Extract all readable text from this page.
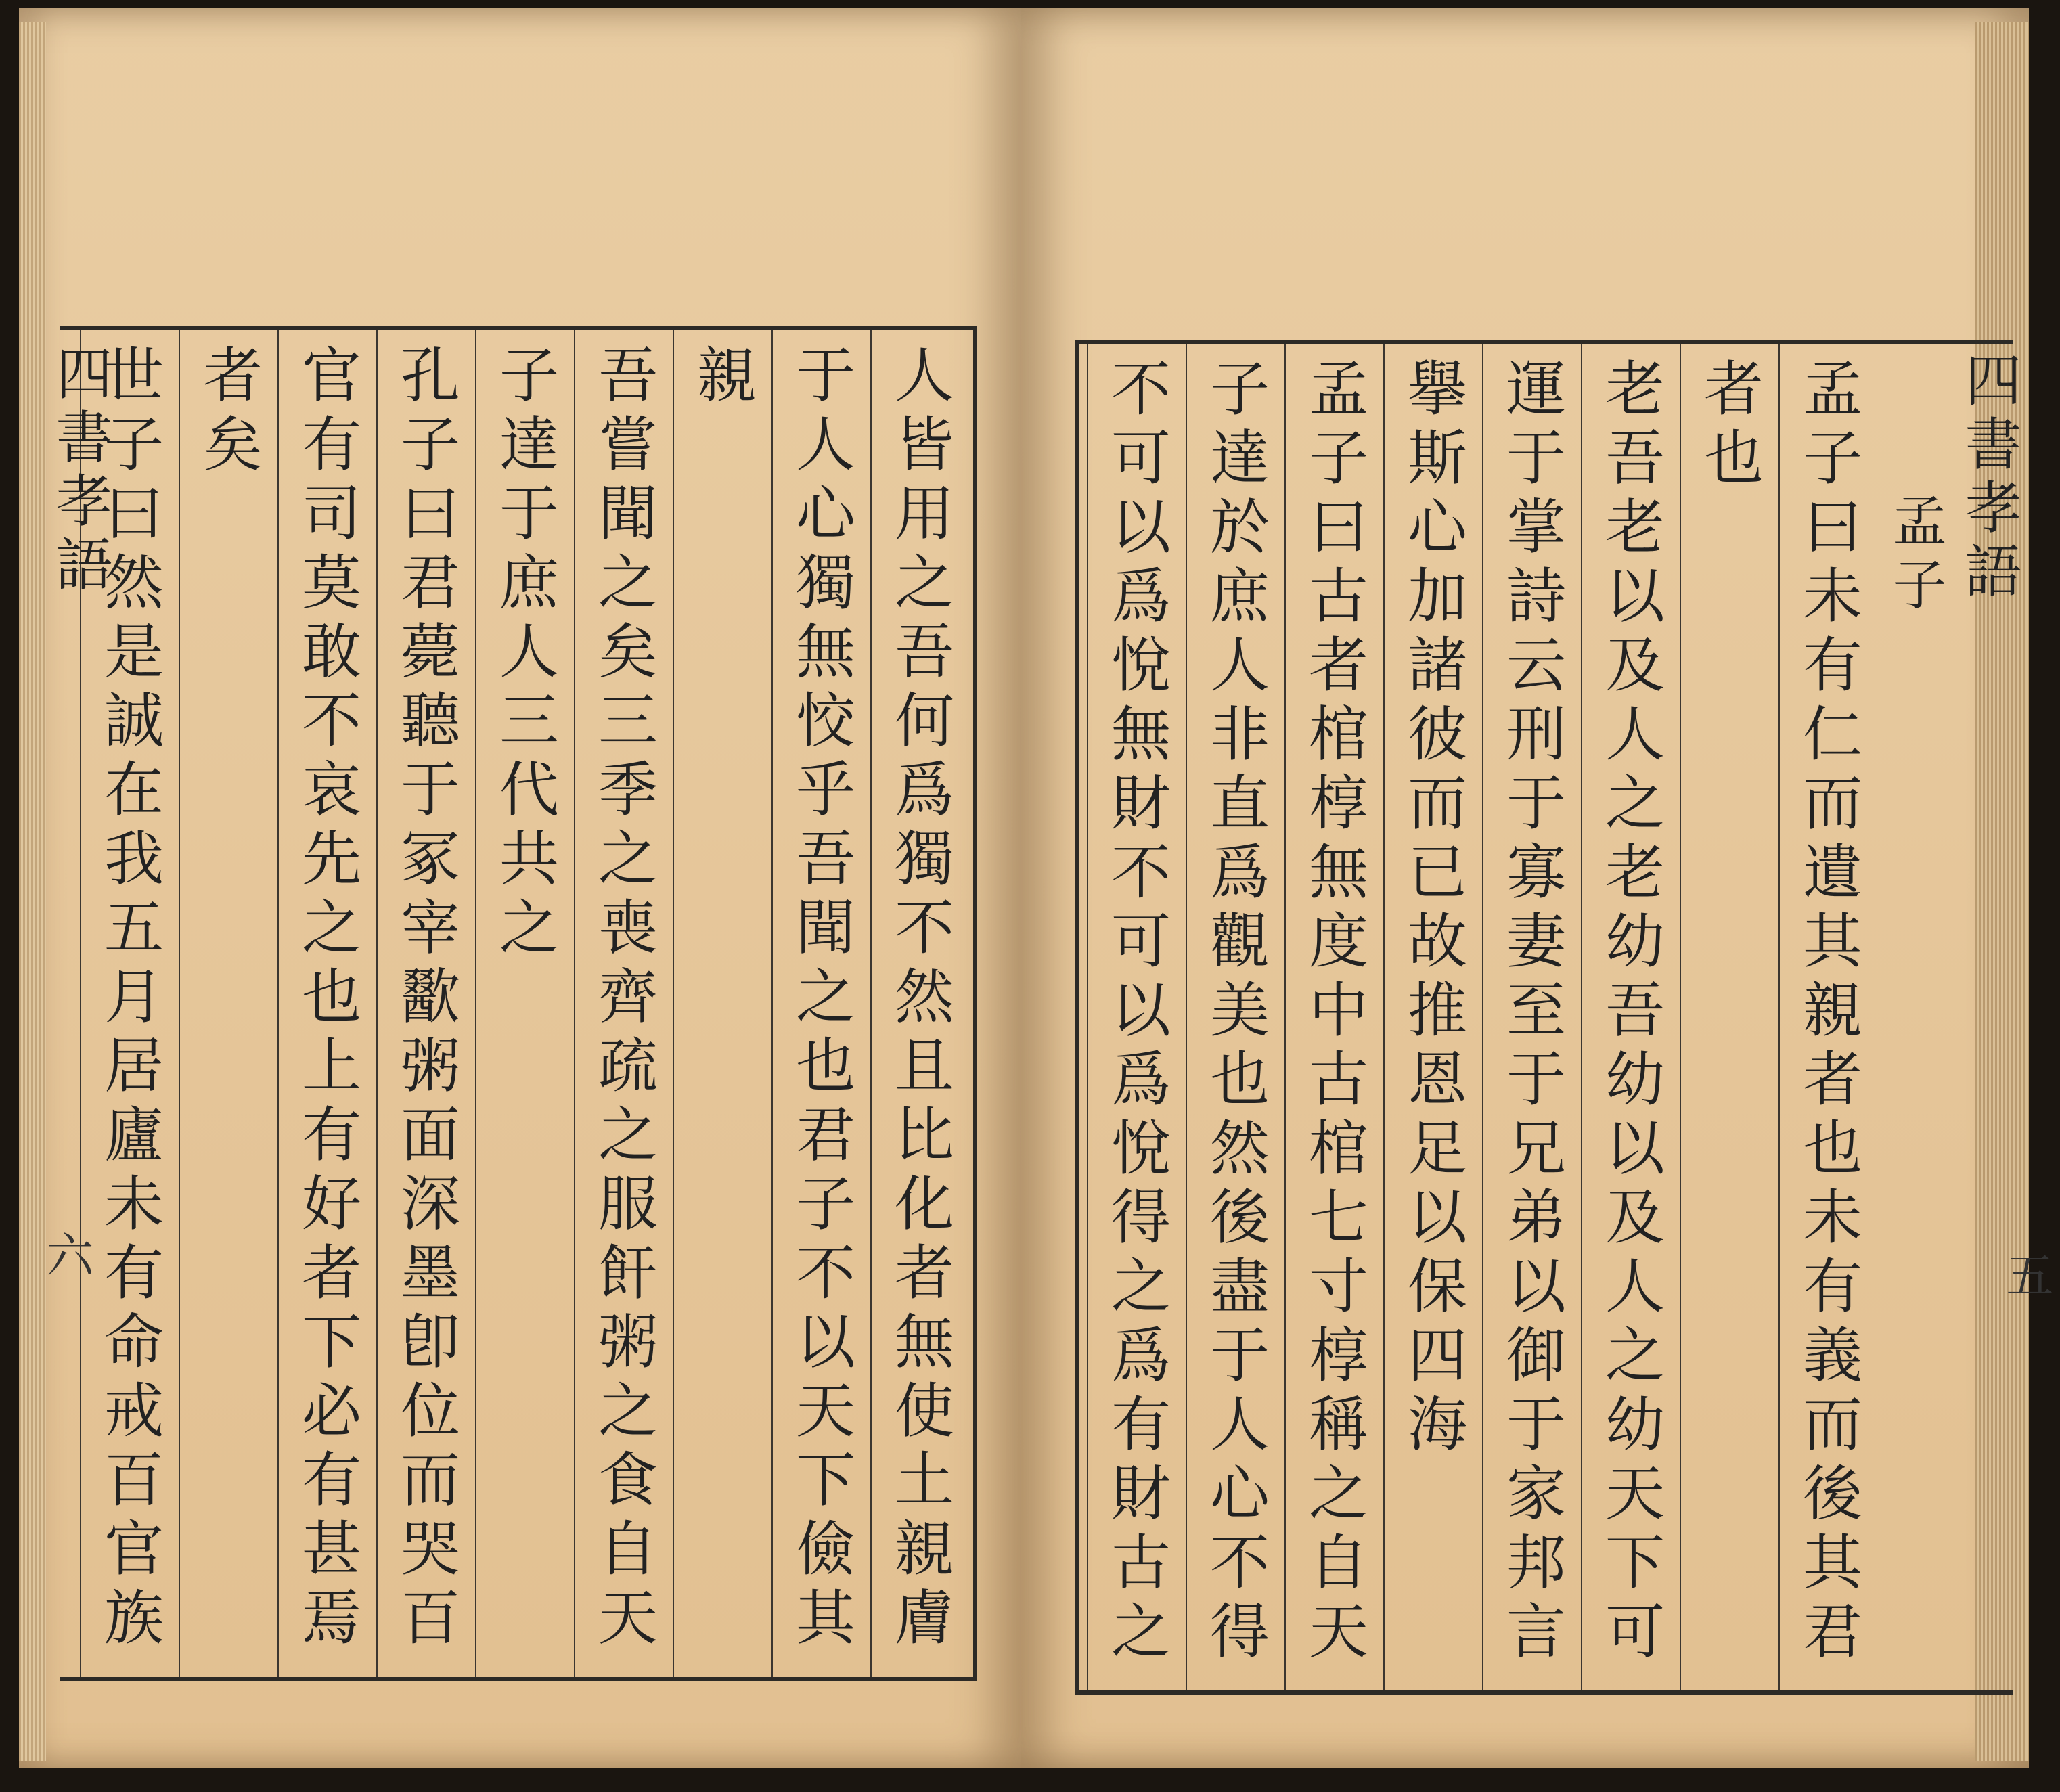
人皆用之吾何爲獨不然且比化者無使土親膚
于人心獨無恔乎吾聞之也君子不以天下儉其
親
吾嘗聞之矣三季之喪齊疏之服飦粥之食自天
子達于庶人三代共之
孔子曰君薨聽于冢宰歠粥面深墨卽位而哭百
官有司莫敢不哀先之也上有好者下必有甚焉
者矣
世子曰然是誠在我五月居廬未有命戒百官族
四書孝語
六	孟子曰未有仁而遺其親者也未有義而後其君
者也
老吾老以及人之老幼吾幼以及人之幼天下可
運于掌詩云刑于寡妻至于兄弟以御于家邦言
擧斯心加諸彼而已故推恩足以保四海
孟子曰古者棺椁無度中古棺七寸椁稱之自天
子達於庶人非直爲觀美也然後盡于人心不得
不可以爲悅無財不可以爲悅得之爲有財古之	四書孝語
孟子
五
